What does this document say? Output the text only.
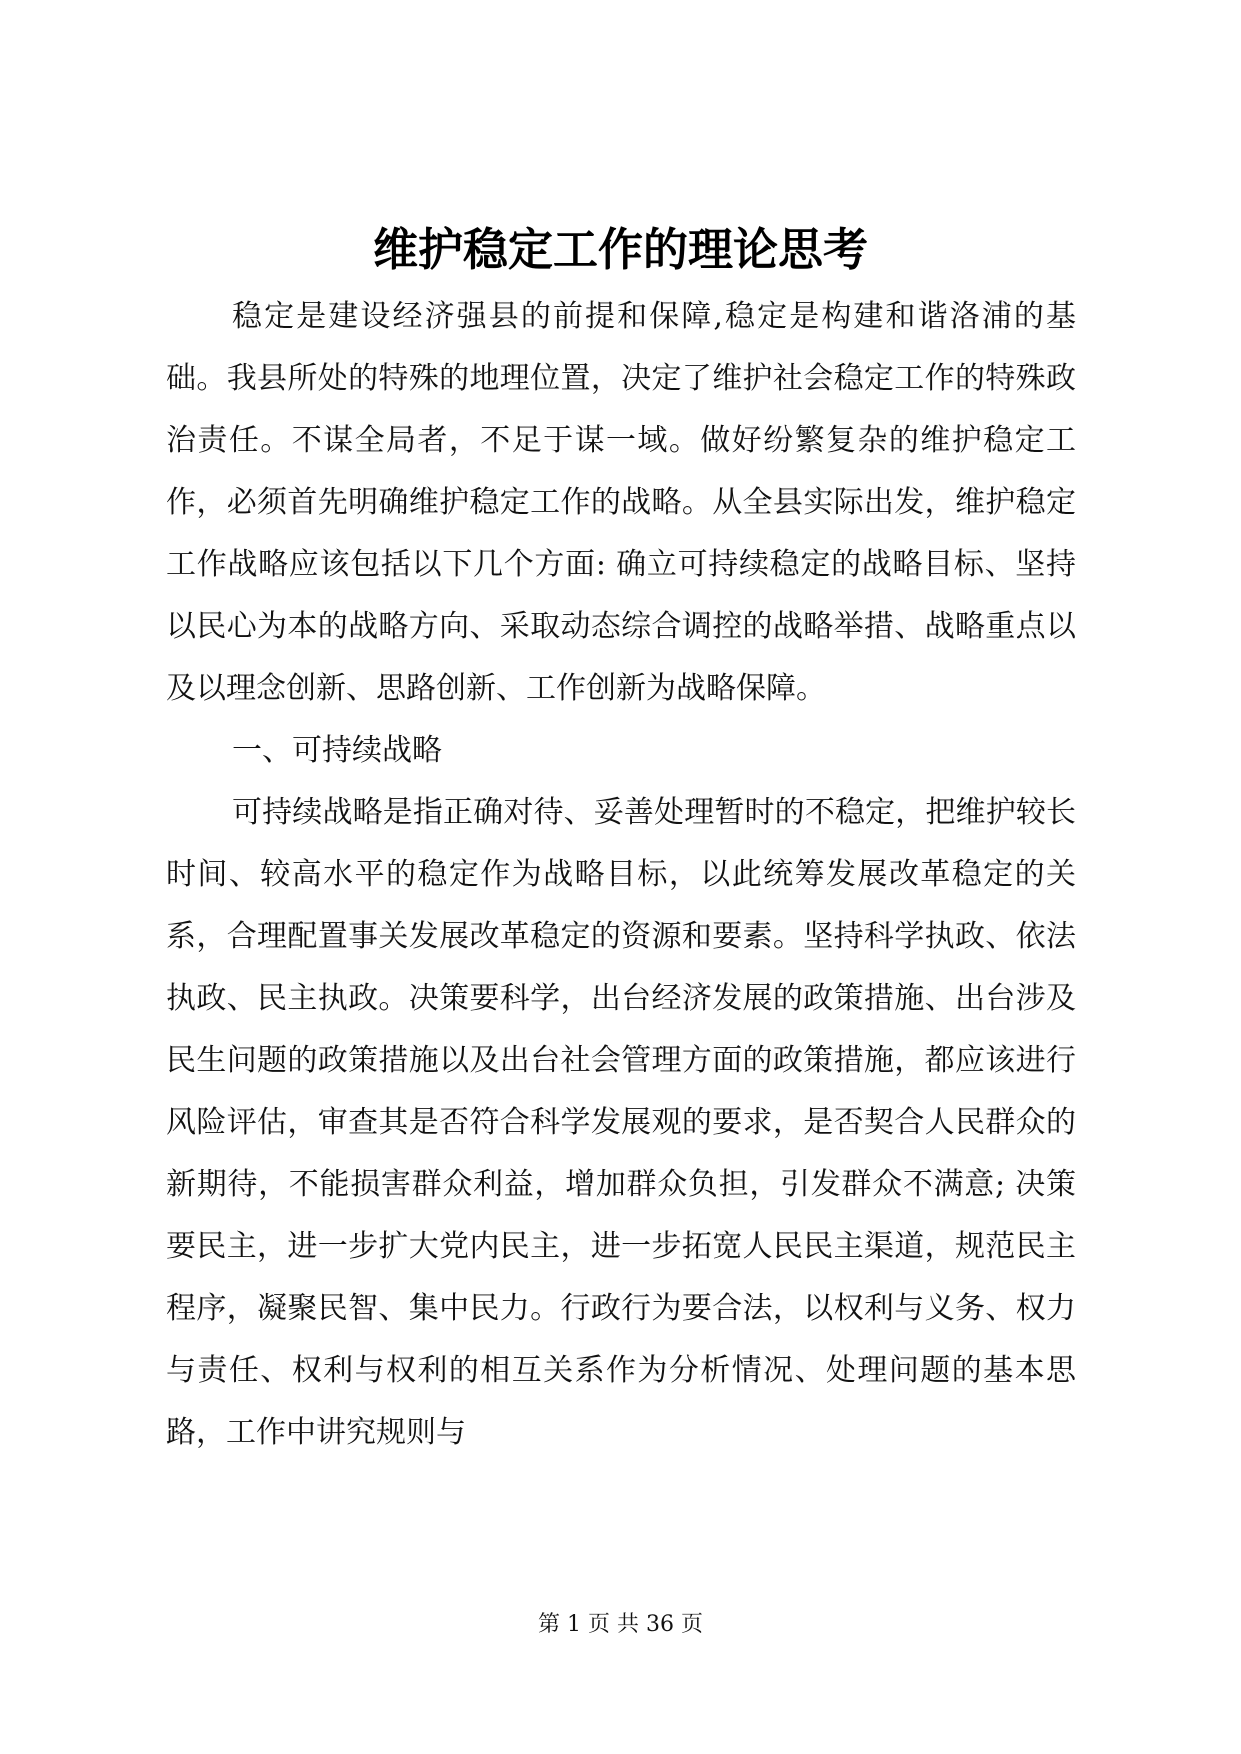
维护稳定工作的理论思考

稳定是建设经济强县的前提和保障,稳定是构建和谐洛浦的基础。我县所处的特殊的地理位置，决定了维护社会稳定工作的特殊政治责任。不谋全局者，不足于谋一域。做好纷繁复杂的维护稳定工作，必须首先明确维护稳定工作的战略。从全县实际出发，维护稳定工作战略应该包括以下几个方面: 确立可持续稳定的战略目标、坚持以民心为本的战略方向、采取动态综合调控的战略举措、战略重点以及以理念创新、思路创新、工作创新为战略保障。

一、可持续战略

可持续战略是指正确对待、妥善处理暂时的不稳定，把维护较长时间、较高水平的稳定作为战略目标，以此统筹发展改革稳定的关系，合理配置事关发展改革稳定的资源和要素。坚持科学执政、依法执政、民主执政。决策要科学，出台经济发展的政策措施、出台涉及民生问题的政策措施以及出台社会管理方面的政策措施，都应该进行风险评估，审查其是否符合科学发展观的要求，是否契合人民群众的新期待，不能损害群众利益，增加群众负担，引发群众不满意; 决策要民主，进一步扩大党内民主，进一步拓宽人民民主渠道，规范民主程序，凝聚民智、集中民力。行政行为要合法，以权利与义务、权力与责任、权利与权利的相互关系作为分析情况、处理问题的基本思路，工作中讲究规则与

第 1 页 共 36 页
